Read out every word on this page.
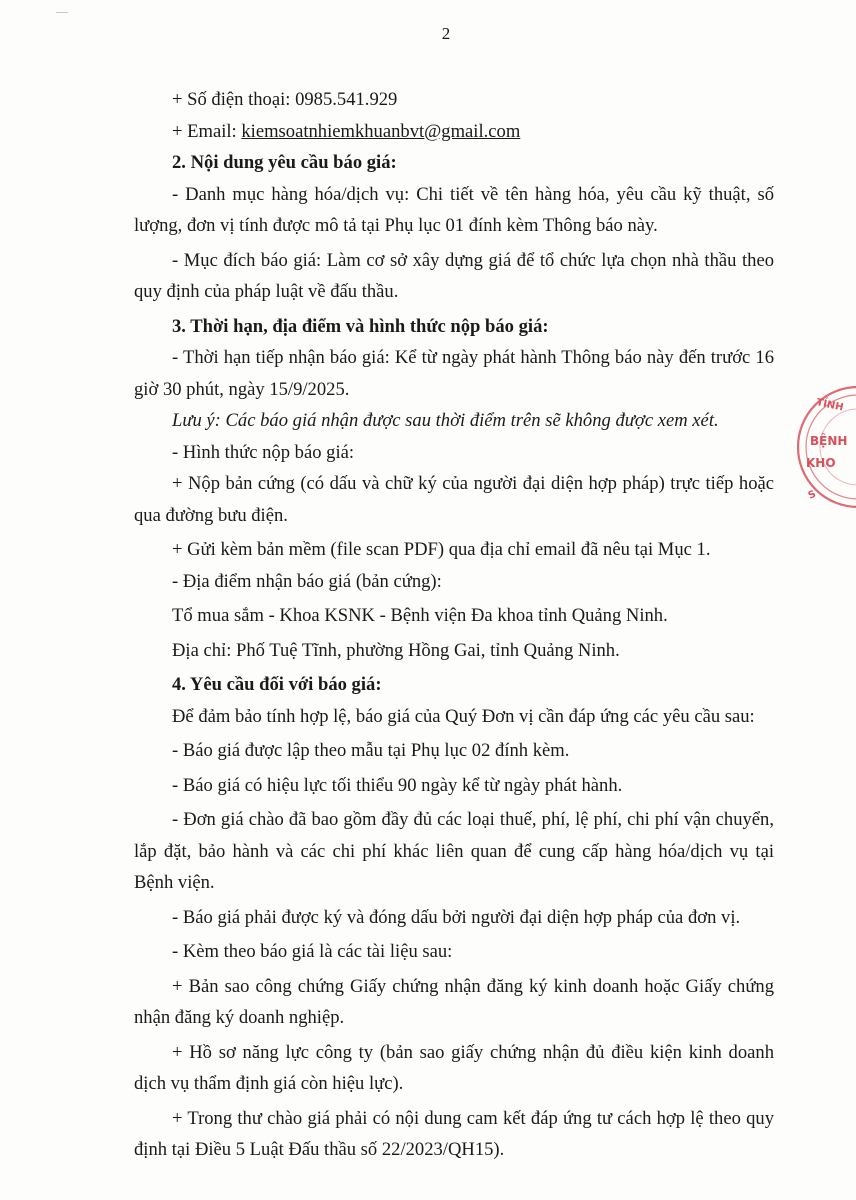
2

+ Số điện thoại: 0985.541.929

+ Email: kiemsoatnhiemkhuanbvt@gmail.com

2. Nội dung yêu cầu báo giá:

- Danh mục hàng hóa/dịch vụ: Chi tiết về tên hàng hóa, yêu cầu kỹ thuật, số lượng, đơn vị tính được mô tả tại Phụ lục 01 đính kèm Thông báo này.

- Mục đích báo giá: Làm cơ sở xây dựng giá để tổ chức lựa chọn nhà thầu theo quy định của pháp luật về đấu thầu.

3. Thời hạn, địa điểm và hình thức nộp báo giá:

- Thời hạn tiếp nhận báo giá: Kể từ ngày phát hành Thông báo này đến trước 16 giờ 30 phút, ngày 15/9/2025.

Lưu ý: Các báo giá nhận được sau thời điểm trên sẽ không được xem xét.

- Hình thức nộp báo giá:

+ Nộp bản cứng (có dấu và chữ ký của người đại diện hợp pháp) trực tiếp hoặc qua đường bưu điện.

+ Gửi kèm bản mềm (file scan PDF) qua địa chỉ email đã nêu tại Mục 1.

- Địa điểm nhận báo giá (bản cứng):

Tổ mua sắm - Khoa KSNK - Bệnh viện Đa khoa tỉnh Quảng Ninh.

Địa chỉ: Phố Tuệ Tĩnh, phường Hồng Gai, tỉnh Quảng Ninh.

4. Yêu cầu đối với báo giá:

Để đảm bảo tính hợp lệ, báo giá của Quý Đơn vị cần đáp ứng các yêu cầu sau:

- Báo giá được lập theo mẫu tại Phụ lục 02 đính kèm.

- Báo giá có hiệu lực tối thiểu 90 ngày kể từ ngày phát hành.

- Đơn giá chào đã bao gồm đầy đủ các loại thuế, phí, lệ phí, chi phí vận chuyển, lắp đặt, bảo hành và các chi phí khác liên quan để cung cấp hàng hóa/dịch vụ tại Bệnh viện.

- Báo giá phải được ký và đóng dấu bởi người đại diện hợp pháp của đơn vị.

- Kèm theo báo giá là các tài liệu sau:

+ Bản sao công chứng Giấy chứng nhận đăng ký kinh doanh hoặc Giấy chứng nhận đăng ký doanh nghiệp.

+ Hồ sơ năng lực công ty (bản sao giấy chứng nhận đủ điều kiện kinh doanh dịch vụ thẩm định giá còn hiệu lực).

+ Trong thư chào giá phải có nội dung cam kết đáp ứng tư cách hợp lệ theo quy định tại Điều 5 Luật Đấu thầu số 22/2023/QH15).

TỈNH
BỆNH
KHO
S
